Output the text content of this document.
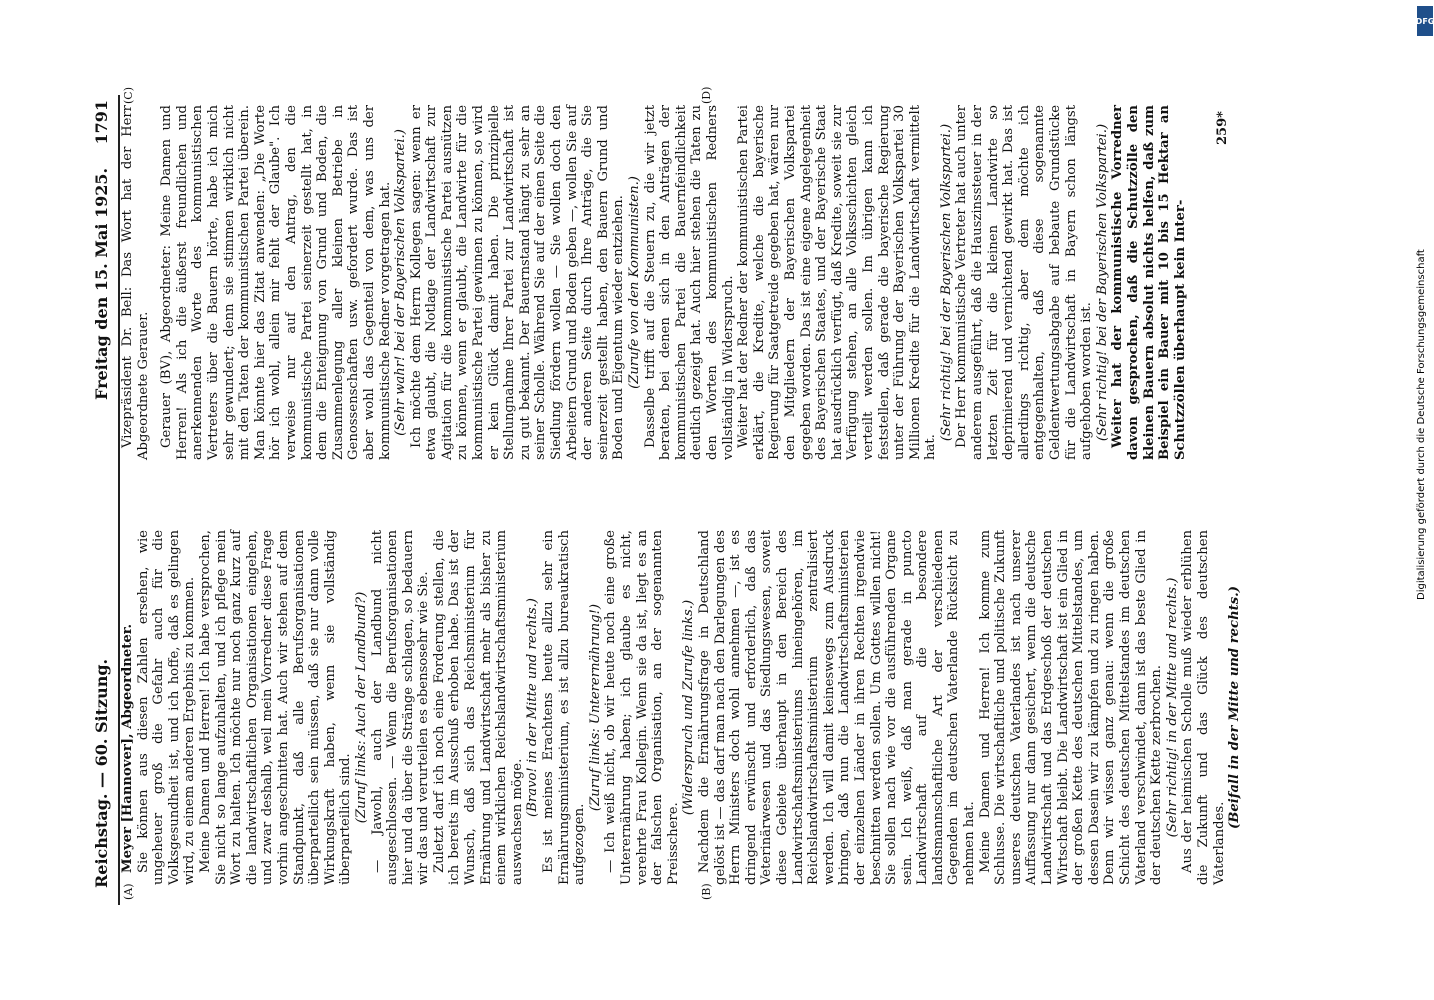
Reichstag. — 60. Sitzung.
Freitag den 15. Mai 1925.
1791
(A)	(B)
(C)	(D)

Meyer [Hannover], Abgeordneter. Sie können aus diesen Zahlen ersehen, wie ungeheuer groß die Gefahr auch für die Volksgesundheit ist, und ich hoffe, daß es gelingen wird, zu einem anderen Ergebnis zu kommen. Meine Damen und Herren! Ich habe versprochen, Sie nicht so lange aufzuhalten, und ich pflege mein Wort zu halten. Ich möchte nur noch ganz kurz auf die landwirtschaftlichen Organisationen eingehen, und zwar deshalb, weil mein Vorredner diese Frage vorhin angeschnitten hat. Auch wir stehen auf dem Standpunkt, daß alle Berufsorganisationen überparteilich sein müssen, daß sie nur dann volle Wirkungskraft haben, wenn sie vollständig überparteilich sind. (Zuruf links: Auch der Landbund?) — Jawohl, auch der Landbund nicht ausgeschlossen. — Wenn die Berufsorganisationen hier und da über die Stränge schlagen, so bedauern wir das und verurteilen es ebensosehr wie Sie. Zuletzt darf ich noch eine Forderung stellen, die ich bereits im Ausschuß erhoben habe. Das ist der Wunsch, daß sich das Reichsministerium für Ernährung und Landwirtschaft mehr als bisher zu einem wirklichen Reichslandwirtschaftsministerium auswachsen möge.

(Bravo! in der Mitte und rechts.) Es ist meines Erachtens heute allzu sehr ein Ernährungsministerium, es ist allzu bureaukratisch aufgezogen.

(Zuruf links: Unterernährung!) — Ich weiß nicht, ob wir heute noch eine große Unterernährung haben; ich glaube es nicht, verehrte Frau Kollegin. Wenn sie da ist, liegt es an der falschen Organisation, an der sogenannten Preisschere.

(Widerspruch und Zurufe links.) Nachdem die Ernährungsfrage in Deutschland gelöst ist — das darf man nach den Darlegungen des Herrn Ministers doch wohl annehmen —, ist es dringend erwünscht und erforderlich, daß das Veterinärwesen und das Siedlungswesen, soweit diese Gebiete überhaupt in den Bereich des Landwirtschaftsministeriums hineingehören, im Reichslandwirtschaftsministerium zentralisiert werden. Ich will damit keineswegs zum Ausdruck bringen, daß nun die Landwirtschaftsministerien der einzelnen Länder in ihren Rechten irgendwie beschnitten werden sollen. Um Gottes willen nicht! Sie sollen nach wie vor die ausführenden Organe sein. Ich weiß, daß man gerade in puncto Landwirtschaft auf die besondere landsmannschaftliche Art der verschiedenen Gegenden im deutschen Vaterlande Rücksicht zu nehmen hat. Meine Damen und Herren! Ich komme zum Schlusse. Die wirtschaftliche und politische Zukunft unseres deutschen Vaterlandes ist nach unserer Auffassung nur dann gesichert, wenn die deutsche Landwirtschaft und das Erdgeschoß der deutschen Wirtschaft bleibt. Die Landwirtschaft ist ein Glied in der großen Kette des deutschen Mittelstandes, um dessen Dasein wir zu kämpfen und zu ringen haben. Denn wir wissen ganz genau: wenn die große Schicht des deutschen Mittelstandes im deutschen Vaterland verschwindet, dann ist das beste Glied in der deutschen Kette zerbrochen. (Sehr richtig! in der Mitte und rechts.) Aus der heimischen Scholle muß wieder erblühen die Zukunft und das Glück des deutschen Vaterlandes.

(Beifall in der Mitte und rechts.)

Vizepräsident Dr. Bell: Das Wort hat der Herr Abgeordnete Gerauer. Gerauer (BV), Abgeordneter: Meine Damen und Herren! Als ich die äußerst freundlichen und anerkennenden Worte des kommunistischen Vertreters über die Bauern hörte, habe ich mich sehr gewundert; denn sie stimmen wirklich nicht mit den Taten der kommunistischen Partei überein. Man könnte hier das Zitat anwenden: „Die Worte hör ich wohl, allein mir fehlt der Glaube". Ich verweise nur auf den Antrag, den die kommunistische Partei seinerzeit gestellt hat, in dem die Enteignung von Grund und Boden, die Zusammenlegung aller kleinen Betriebe in Genossenschaften usw. gefordert wurde. Das ist aber wohl das Gegenteil von dem, was uns der kommunistische Redner vorgetragen hat. (Sehr wahr! bei der Bayerischen Volkspartei.) Ich möchte dem Herrn Kollegen sagen: wenn er etwa glaubt, die Notlage der Landwirtschaft zur Agitation für die kommunistische Partei ausnützen zu können, wenn er glaubt, die Landwirte für die kommunistische Partei gewinnen zu können, so wird er kein Glück damit haben. Die prinzipielle Stellungnahme Ihrer Partei zur Landwirtschaft ist zu gut bekannt. Der Bauernstand hängt zu sehr an seiner Scholle. Während Sie auf der einen Seite die Siedlung fördern wollen — Sie wollen doch den Arbeitern Grund und Boden geben —, wollen Sie auf der anderen Seite durch Ihre Anträge, die Sie seinerzeit gestellt haben, den Bauern Grund und Boden und Eigentum wieder entziehen. (Zurufe von den Kommunisten.) Dasselbe trifft auf die Steuern zu, die wir jetzt beraten, bei denen sich in den Anträgen der kommunistischen Partei die Bauernfeindlichkeit deutlich gezeigt hat. Auch hier stehen die Taten zu den Worten des kommunistischen Redners vollständig in Widerspruch. Weiter hat der Redner der kommunistischen Partei erklärt, die Kredite, welche die bayerische Regierung für Saatgetreide gegeben hat, wären nur den Mitgliedern der Bayerischen Volkspartei gegeben worden. Das ist eine eigene Angelegenheit des Bayerischen Staates, und der Bayerische Staat hat ausdrücklich verfügt, daß Kredite, soweit sie zur Verfügung stehen, an alle Volksschichten gleich verteilt werden sollen. Im übrigen kann ich feststellen, daß gerade die bayerische Regierung unter der Führung der Bayerischen Volkspartei 30 Millionen Kredite für die Landwirtschaft vermittelt hat.

(Sehr richtig! bei der Bayerischen Volkspartei.) Der Herr kommunistische Vertreter hat auch unter anderem ausgeführt, daß die Hauszinssteuer in der letzten Zeit für die kleinen Landwirte so deprimierend und vernichtend gewirkt hat. Das ist allerdings richtig, aber dem möchte ich entgegenhalten, daß diese sogenannte Geldentwertungsabgabe auf bebaute Grundstücke für die Landwirtschaft in Bayern schon längst aufgehoben worden ist. (Sehr richtig! bei der Bayerischen Volkspartei.) Weiter hat der kommunistische Vorredner davon gesprochen, daß die Schutzzölle den kleinen Bauern absolut nichts helfen, daß zum Beispiel ein Bauer mit 10 bis 15 Hektar an Schutzzöllen überhaupt kein Inter-

259*
DFG
Digitalisierung gefördert durch die Deutsche Forschungsgemeinschaft
